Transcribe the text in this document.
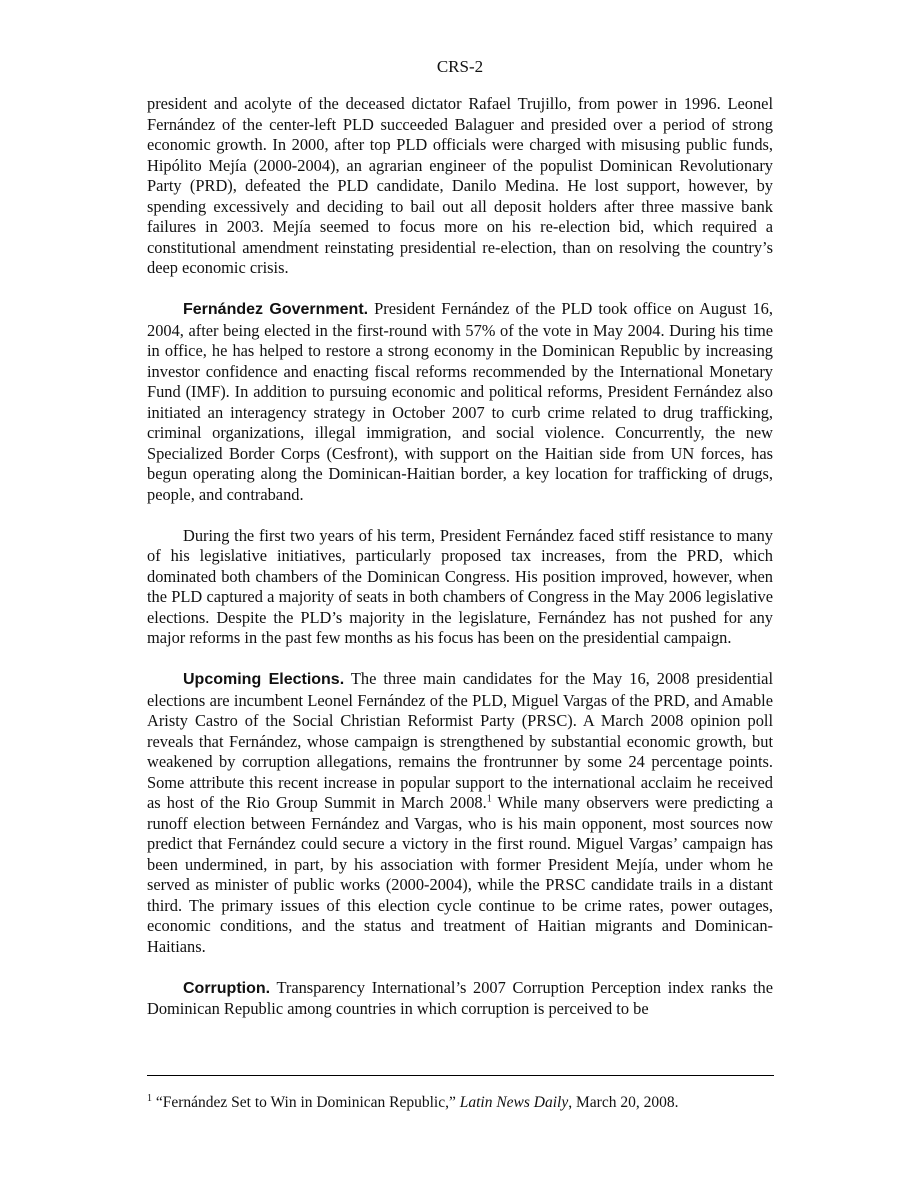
CRS-2

president and acolyte of the deceased dictator Rafael Trujillo, from power in 1996. Leonel Fernández of the center-left PLD succeeded Balaguer and presided over a period of strong economic growth. In 2000, after top PLD officials were charged with misusing public funds, Hipólito Mejía (2000-2004), an agrarian engineer of the populist Dominican Revolutionary Party (PRD), defeated the PLD candidate, Danilo Medina. He lost support, however, by spending excessively and deciding to bail out all deposit holders after three massive bank failures in 2003. Mejía seemed to focus more on his re-election bid, which required a constitutional amendment reinstating presidential re-election, than on resolving the country’s deep economic crisis.

Fernández Government. President Fernández of the PLD took office on August 16, 2004, after being elected in the first-round with 57% of the vote in May 2004. During his time in office, he has helped to restore a strong economy in the Dominican Republic by increasing investor confidence and enacting fiscal reforms recommended by the International Monetary Fund (IMF). In addition to pursuing economic and political reforms, President Fernández also initiated an interagency strategy in October 2007 to curb crime related to drug trafficking, criminal organizations, illegal immigration, and social violence. Concurrently, the new Specialized Border Corps (Cesfront), with support on the Haitian side from UN forces, has begun operating along the Dominican-Haitian border, a key location for trafficking of drugs, people, and contraband.

During the first two years of his term, President Fernández faced stiff resistance to many of his legislative initiatives, particularly proposed tax increases, from the PRD, which dominated both chambers of the Dominican Congress. His position improved, however, when the PLD captured a majority of seats in both chambers of Congress in the May 2006 legislative elections. Despite the PLD’s majority in the legislature, Fernández has not pushed for any major reforms in the past few months as his focus has been on the presidential campaign.

Upcoming Elections. The three main candidates for the May 16, 2008 presidential elections are incumbent Leonel Fernández of the PLD, Miguel Vargas of the PRD, and Amable Aristy Castro of the Social Christian Reformist Party (PRSC). A March 2008 opinion poll reveals that Fernández, whose campaign is strengthened by substantial economic growth, but weakened by corruption allegations, remains the frontrunner by some 24 percentage points. Some attribute this recent increase in popular support to the international acclaim he received as host of the Rio Group Summit in March 2008.$^1$ While many observers were predicting a runoff election between Fernández and Vargas, who is his main opponent, most sources now predict that Fernández could secure a victory in the first round. Miguel Vargas’ campaign has been undermined, in part, by his association with former President Mejía, under whom he served as minister of public works (2000-2004), while the PRSC candidate trails in a distant third. The primary issues of this election cycle continue to be crime rates, power outages, economic conditions, and the status and treatment of Haitian migrants and Dominican-Haitians.

Corruption. Transparency International’s 2007 Corruption Perception index ranks the Dominican Republic among countries in which corruption is perceived to be

$^1$ “Fernández Set to Win in Dominican Republic,” Latin News Daily, March 20, 2008.
